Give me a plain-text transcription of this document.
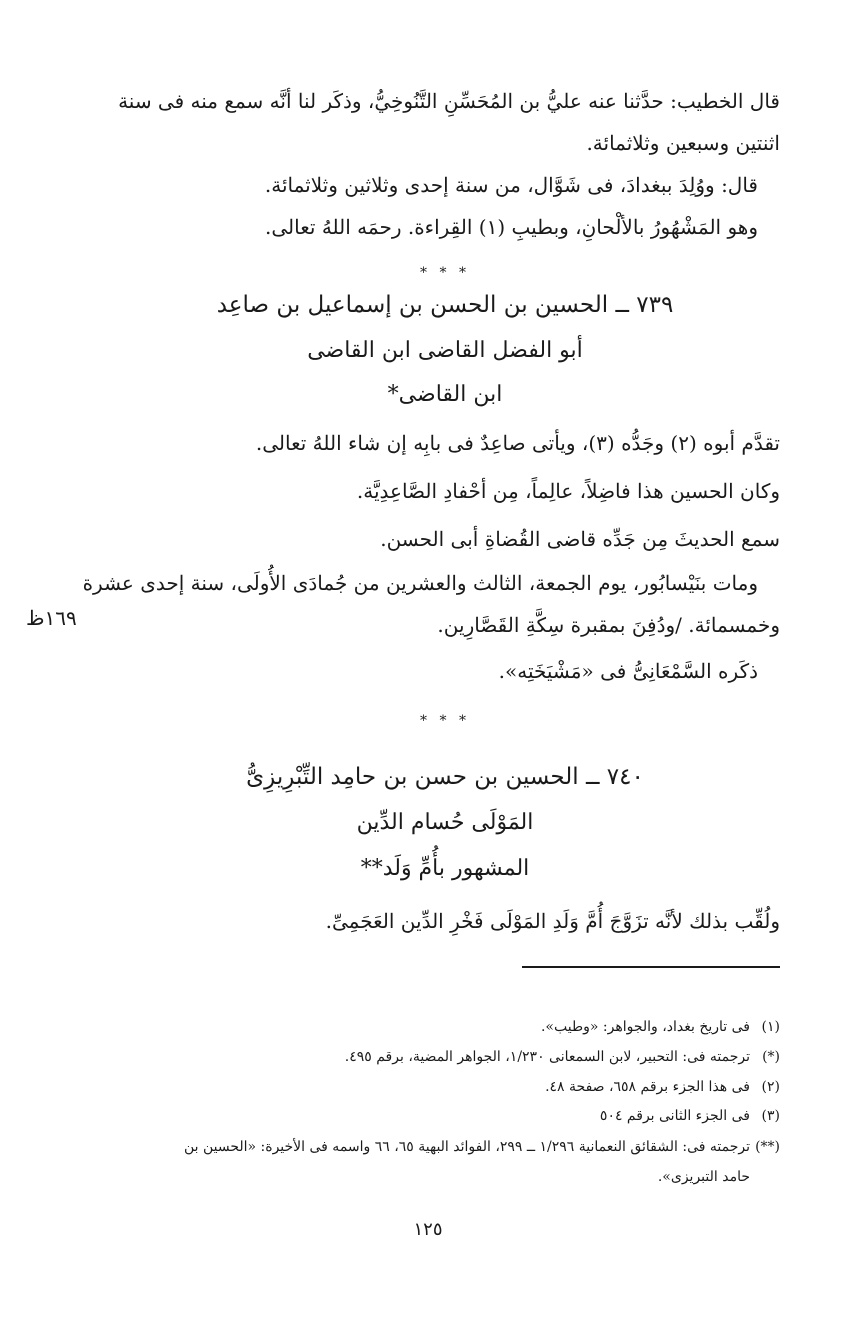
قال الخطيب: حدَّثنا عنه عليُّ بن المُحَسِّنِ التَّنُوخِيُّ، وذكَر لنا أنَّه سمع منه فى سنة
اثنتين وسبعين وثلاثمائة.
قال: ووُلِدَ ببغدادَ، فى شَوَّال، من سنة إحدى وثلاثين وثلاثمائة.
وهو المَشْهُورُ بالألْحانِ، وبطيبِ (١) القِراءة. رحمَه اللهُ تعالى.
* * *
٧٣٩ ــ الحسين بن الحسن بن إسماعيل بن صاعِد
أبو الفضل القاضى ابن القاضى
ابن القاضى*
تقدَّم أبوه (٢) وجَدُّه (٣)، ويأتى صاعِدٌ فى بابِه إن شاء اللهُ تعالى.
وكان الحسين هذا فاضِلاً، عالِماً، مِن أحْفادِ الصَّاعِدِيَّة.
سمع الحديثَ مِن جَدِّه قاضى القُضاةِ أبى الحسن.
ومات بنَيْسابُور، يوم الجمعة، الثالث والعشرين من جُمادَى الأُولَى، سنة إحدى عشرة
وخمسمائة. /ودُفِنَ بمقبرة سِكَّةِ القَصَّارِين.
ذكَره السَّمْعَانِىُّ فى «مَشْيَخَتِه».
١٦٩ظ
* * *
٧٤٠ ــ الحسين بن حسن بن حامِد التِّبْرِيزِىُّ
المَوْلَى حُسام الدِّين
المشهور بأُمِّ وَلَد**
ولُقِّب بذلك لأنَّه تزَوَّجَ أُمَّ وَلَدِ المَوْلَى فَخْرِ الدِّين العَجَمِىِّ.
(١)فى تاريخ بغداد، والجواهر: «وطيب».
(*)ترجمته فى: التحبير، لابن السمعانى ١/٢٣٠، الجواهر المضية، برقم ٤٩٥.
(٢)فى هذا الجزء برقم ٦٥٨، صفحة ٤٨.
(٣)فى الجزء الثانى برقم ٥٠٤
(**)ترجمته فى: الشقائق النعمانية ١/٢٩٦ ــ ٢٩٩، الفوائد البهية ٦٥، ٦٦ واسمه فى الأخيرة: «الحسين بن
حامد التبريزى».
١٢٥
